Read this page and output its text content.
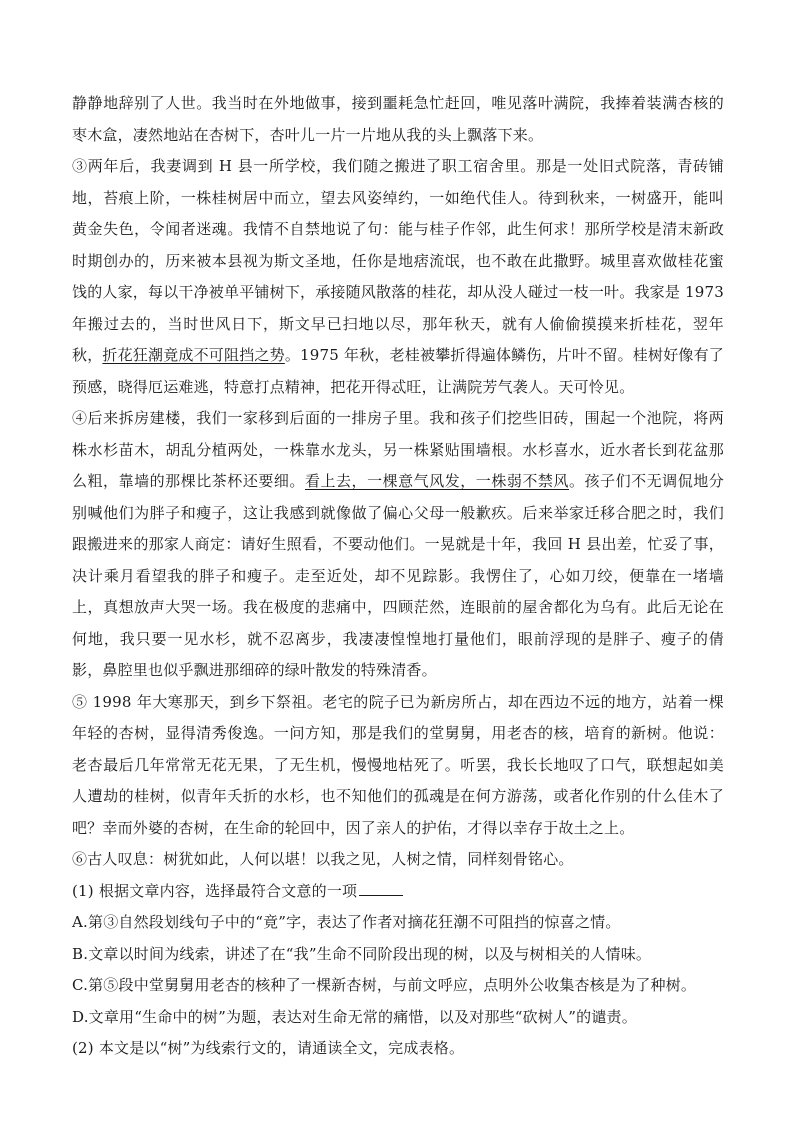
静静地辞别了人世。我当时在外地做事，接到噩耗急忙赶回，唯见落叶满院，我捧着装满杏核的枣木盒，凄然地站在杏树下，杏叶儿一片一片地从我的头上飘落下来。

③两年后，我妻调到 H 县一所学校，我们随之搬进了职工宿舍里。那是一处旧式院落，青砖铺地，苔痕上阶，一株桂树居中而立，望去风姿绰约，一如绝代佳人。待到秋来，一树盛开，能叫黄金失色，令闻者迷魂。我情不自禁地说了句：能与桂子作邻，此生何求！那所学校是清末新政时期创办的，历来被本县视为斯文圣地，任你是地痞流氓，也不敢在此撒野。城里喜欢做桂花蜜饯的人家，每以干净被单平铺树下，承接随风散落的桂花，却从没人碰过一枝一叶。我家是 1973 年搬过去的，当时世风日下，斯文早已扫地以尽，那年秋天，就有人偷偷摸摸来折桂花，翌年秋，折花狂潮竟成不可阻挡之势。1975 年秋，老桂被攀折得遍体鳞伤，片叶不留。桂树好像有了预感，晓得厄运难逃，特意打点精神，把花开得忒旺，让满院芳气袭人。天可怜见。

④后来拆房建楼，我们一家移到后面的一排房子里。我和孩子们挖些旧砖，围起一个池院，将两株水杉苗木，胡乱分植两处，一株靠水龙头，另一株紧贴围墙根。水杉喜水，近水者长到花盆那么粗，靠墙的那棵比茶杯还要细。看上去，一棵意气风发，一株弱不禁风。孩子们不无调侃地分别喊他们为胖子和瘦子，这让我感到就像做了偏心父母一般歉疚。后来举家迁移合肥之时，我们跟搬进来的那家人商定：请好生照看，不要动他们。一晃就是十年，我回 H 县出差，忙妥了事，决计乘月看望我的胖子和瘦子。走至近处，却不见踪影。我愣住了，心如刀绞，便靠在一堵墙上，真想放声大哭一场。我在极度的悲痛中，四顾茫然，连眼前的屋舍都化为乌有。此后无论在何地，我只要一见水杉，就不忍离步，我凄凄惶惶地打量他们，眼前浮现的是胖子、瘦子的倩影，鼻腔里也似乎飘进那细碎的绿叶散发的特殊清香。

⑤ 1998 年大寒那天，到乡下祭祖。老宅的院子已为新房所占，却在西边不远的地方，站着一棵年轻的杏树，显得清秀俊逸。一问方知，那是我们的堂舅舅，用老杏的核，培育的新树。他说：老杏最后几年常常无花无果，了无生机，慢慢地枯死了。听罢，我长长地叹了口气，联想起如美人遭劫的桂树，似青年夭折的水杉，也不知他们的孤魂是在何方游荡，或者化作别的什么佳木了吧？幸而外婆的杏树，在生命的轮回中，因了亲人的护佑，才得以幸存于故土之上。

⑥古人叹息：树犹如此，人何以堪！以我之见，人树之情，同样刻骨铭心。

(1) 根据文章内容，选择最符合文意的一项

A.第③自然段划线句子中的“竟”字，表达了作者对摘花狂潮不可阻挡的惊喜之情。

B.文章以时间为线索，讲述了在“我”生命不同阶段出现的树，以及与树相关的人情味。

C.第⑤段中堂舅舅用老杏的核种了一棵新杏树，与前文呼应，点明外公收集杏核是为了种树。

D.文章用“生命中的树”为题，表达对生命无常的痛惜，以及对那些“砍树人”的谴责。

(2) 本文是以“树”为线索行文的，请通读全文，完成表格。
